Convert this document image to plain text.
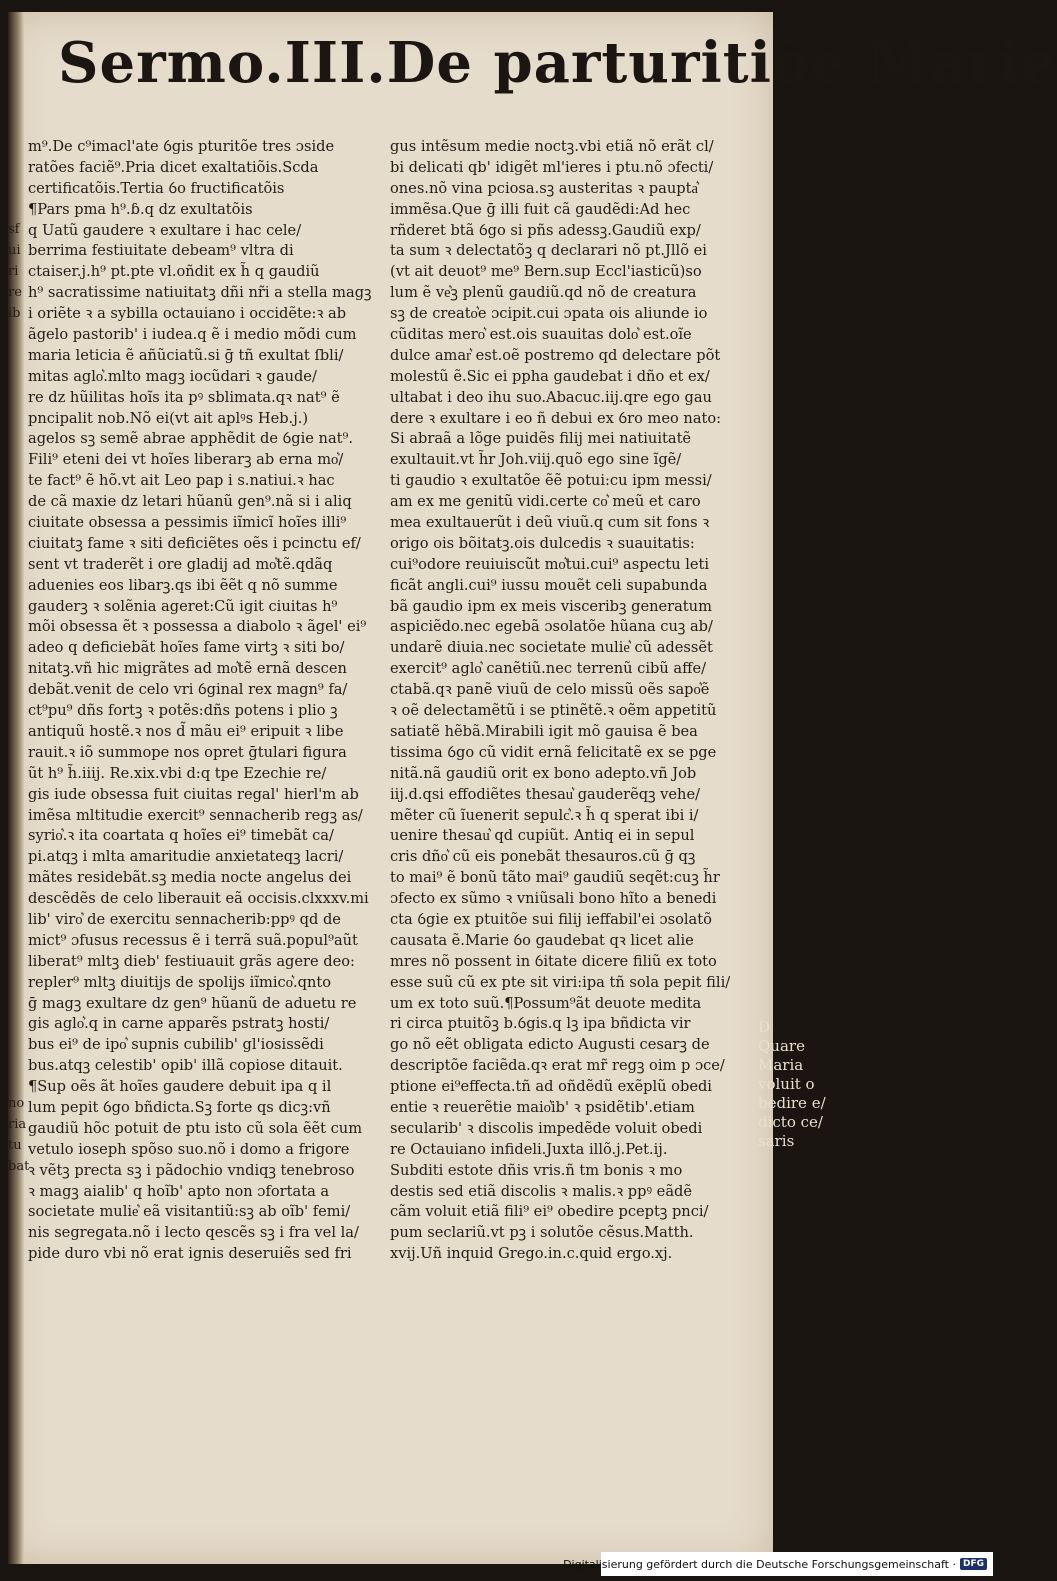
Sermo.III.De parturitiõe Marie
sf
ui
ri
re
ib
no
ria
tu
bat
m⁹.De c⁹imacl'ate ỽgis pturitõe tres ɔside
ratões faciẽ⁹.Pria dicet exaltatiõis.Scda
certificatõis.Tertia ỽo fructificatõis
¶Pars pma h⁹.ɓ.q dz exultatõis
q Uatũ gaudere ꝛ exultare i hac cele/
berrima festiuitate debeam⁹ vltra di
ctaiser.j.h⁹ pt.pte vl.oñdit ex h̃ q gaudiũ
h⁹ sacratissime natiuitatꝫ dñi nr̃i a stella magꝫ
i oriẽte ꝛ a sybilla octauiano i occidẽte:ꝛ ab
ãgelo pastorib' i iudea.q ẽ i medio mõdi cum
maria leticia ẽ añũciatũ.si ḡ tñ exultat ſbli/
mitas aglo͛.mlto magꝫ iocũdari ꝛ gaude/
re dz hũilitas hoĩs ita pꝰ sblimata.qꝛ nat⁹ ẽ
pncipalit nob.Nõ ei(vt ait aplꝰs Heb.j.)
agelos sꝫ semẽ abrae apphẽdit de ỽgie nat⁹.
Fili⁹ eteni dei vt hoĩes liberarꝫ ab erna mo͛/
te fact⁹ ẽ hõ.vt ait Leo pap i s.natiui.ꝛ hac
de cã maxie dz letari hũanũ gen⁹.nã si i aliq
ciuitate obsessa a pessimis iĩmicĩ hoĩes illi⁹
ciuitatꝫ fame ꝛ siti deficiẽtes oẽs i pcinctu ef/
sent vt traderẽt i ore gladij ad mo͛tẽ.qdãq
aduenies eos libarꝫ.qs ibi ẽẽt q nõ summe
gauderꝫ ꝛ solẽnia ageret:Cũ igit ciuitas h⁹
mõi obsessa ẽt ꝛ possessa a diabolo ꝛ ãgel' ei⁹
adeo q deficiebãt hoĩes fame virtꝫ ꝛ siti bo/
nitatꝫ.vñ hic migrãtes ad mo͛tẽ ernã descen
debãt.venit de celo vri ỽginal rex magn⁹ fa/
ct⁹pu⁹ dñs fortꝫ ꝛ potẽs:dñs potens i plio ꝫ
antiquũ hostẽ.ꝛ nos d̃ mãu ei⁹ eripuit ꝛ libe
rauit.ꝛ iõ summope nos opret ḡtulari figura
ũt h⁹ h̃.iiij. Re.xix.vbi d:q tpe Ezechie re/
gis iude obsessa fuit ciuitas regal' hierl'm ab
imẽsa mltitudie exercit⁹ sennacherib regꝫ as/
syrio͛.ꝛ ita coartata q hoĩes ei⁹ timebãt ca/
pi.atqꝫ i mlta amaritudie anxietateqꝫ lacri/
mãtes residebãt.sꝫ media nocte angelus dei
descẽdẽs de celo liberauit eã occisis.clxxxv.mi
lib' viro͛ de exercitu sennacherib:ppꝰ qd de
mict⁹ ɔfusus recessus ẽ i terrã suã.popul⁹aũt
liberat⁹ mltꝫ dieb' festiuauit grãs agere deo:
repler⁹ mltꝫ diuitijs de spolijs iĩmico͛.qnto
ḡ magꝫ exultare dz gen⁹ hũanũ de aduetu re
gis aglo͛.q in carne apparẽs pstratꝫ hosti/
bus ei⁹ de ipo͛ supnis cubilib' gl'iosissẽdi
bus.atqꝫ celestib' opib' illã copiose ditauit.
¶Sup oẽs ãt hoĩes gaudere debuit ipa q il
lum pepit ỽgo bñdicta.Sꝫ forte qs dicꝫ:vñ
gaudiũ hõc potuit de ptu isto cũ sola ẽẽt cum
vetulo ioseph spõso suo.nõ i domo a frigore
ꝛ vẽtꝫ precta sꝫ i pãdochio vndiqꝫ tenebroso
ꝛ magꝫ aialib' q hoĩb' apto non ɔfortata a
societate mulie͛ eã visitantiũ:sꝫ ab oĩb' femi/
nis segregata.nõ i lecto qescẽs sꝫ i fra vel la/
pide duro vbi nõ erat ignis deseruiẽs sed fri
gus intẽsum medie noctꝫ.vbi etiã nõ erãt cl/
bi delicati qb' idigẽt ml'ieres i ptu.nõ ɔfecti/
ones.nõ vina pciosa.sꝫ austeritas ꝛ paupta͛
immẽsa.Que ḡ illi fuit cã gaudẽdi:Ad hec
rñderet btã ỽgo si pñs adessꝫ.Gaudiũ exp/
ta sum ꝛ delectatõꝫ q declarari nõ pt.Jllõ ei
(vt ait deuot⁹ me⁹ Bern.sup Eccl'iasticũ)so
lum ẽ ve͛ꝫ plenũ gaudiũ.qd nõ de creatura
sꝫ de creato͛e ɔcipit.cui ɔpata ois aliunde io
cũditas mero͛ est.ois suauitas dolo͛ est.oĩe
dulce amar͛ est.oẽ postremo qd delectare põt
molestũ ẽ.Sic ei ppha gaudebat i dño et ex/
ultabat i deo ihu suo.Abacuc.iij.qre ego gau
dere ꝛ exultare i eo ñ debui ex ỽro meo nato:
Si abraã a lõge puidẽs filij mei natiuitatẽ
exultauit.vt h̃r Joh.viij.quõ ego sine ĩgẽ/
ti gaudio ꝛ exultatõe ẽẽ potui:cu ipm messi/
am ex me genitũ vidi.certe co͛ meũ et caro
mea exultauerũt i deũ viuũ.q cum sit fons ꝛ
origo ois bõitatꝫ.ois dulcedis ꝛ suauitatis:
cui⁹odore reuiuiscũt mo͛tui.cui⁹ aspectu leti
ficãt angli.cui⁹ iussu mouẽt celi supabunda
bã gaudio ipm ex meis visceribꝫ generatum
aspiciẽdo.nec egebã ɔsolatõe hũana cuꝫ ab/
undarẽ diuia.nec societate mulie͛ cũ adessẽt
exercit⁹ aglo͛ canẽtiũ.nec terrenũ cibũ affe/
ctabã.qꝛ panẽ viuũ de celo missũ oẽs sapo͛ẽ
ꝛ oẽ delectamẽtũ i se ptinẽtẽ.ꝛ oẽm appetitũ
satiatẽ hẽbã.Mirabili igit mõ gauisa ẽ bea
tissima ỽgo cũ vidit ernã felicitatẽ ex se pge
nitã.nã gaudiũ orit ex bono adepto.vñ Job
iij.d.qsi effodiẽtes thesau͛ gauderẽqꝫ vehe/
mẽter cũ ĩuenerit sepulc͛.ꝛ h̃ q sperat ibi i/
uenire thesau͛ qd cupiũt. Antiq ei in sepul
cris dño͛ cũ eis ponebãt thesauros.cũ ḡ qꝫ
to mai⁹ ẽ bonũ tãto mai⁹ gaudiũ seqẽt:cuꝫ h̃r
ɔfecto ex sũmo ꝛ vniũsali bono hĩto a benedi
cta ỽgie ex ptuitõe sui filij ieffabil'ei ɔsolatõ
causata ẽ.Marie ỽo gaudebat qꝛ licet alie
mres nõ possent in ỽitate dicere filiũ ex toto
esse suũ cũ ex pte sit viri:ipa tñ sola pepit fili/
um ex toto suũ.¶Possum⁹ãt deuote medita
ri circa ptuitõꝫ b.ỽgis.q lꝫ ipa bñdicta vir
go nõ eẽt obligata edicto Augusti cesarꝫ de
descriptõe faciẽda.qꝛ erat mr̃ regꝫ oim p ɔce/
ptione ei⁹effecta.tñ ad oñdẽdũ exẽplũ obedi
entie ꝛ reuerẽtie maio͛ib' ꝛ psidẽtib'.etiam
secularib' ꝛ discolis impedẽde voluit obedi
re Octauiano infideli.Juxta illõ.j.Pet.ij.
Subditi estote dñis vris.ñ tm bonis ꝛ mo
destis sed etiã discolis ꝛ malis.ꝛ ppꝰ eãdẽ
cãm voluit etiã fili⁹ ei⁹ obedire pceptꝫ pnci/
pum seclariũ.vt pꝫ i solutõe cẽsus.Matth.
xvij.Uñ inquid Grego.in.c.quid ergo.xj.
D
Quare
Maria
voluit o
bedire e/
dicto ce/
saris
Digitalisierung gefördert durch die Deutsche Forschungsgemeinschaft · DFG
